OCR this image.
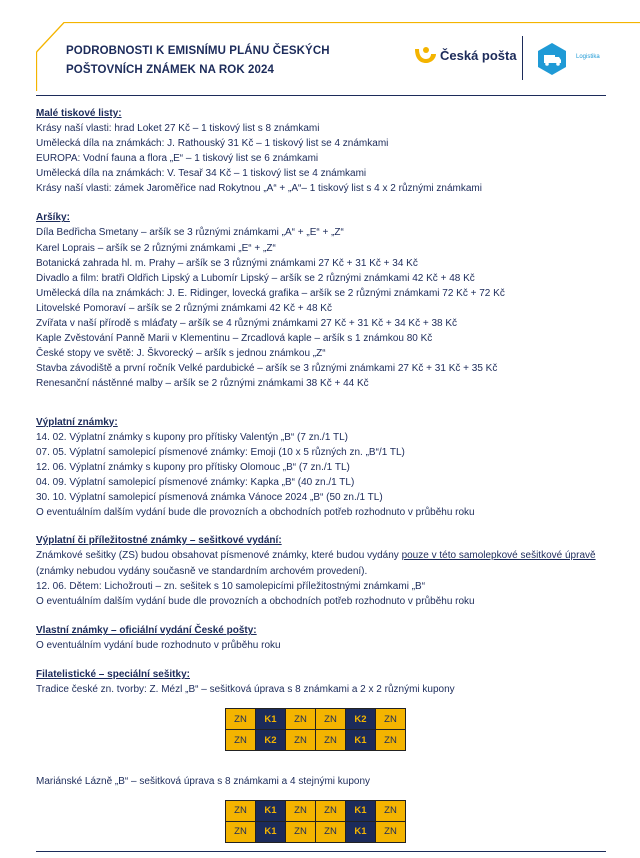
PODROBNOSTI K EMISNÍMU PLÁNU ČESKÝCH
POŠTOVNÍCH ZNÁMEK NA ROK 2024
Česká pošta	Logistika
Malé tiskové listy:
Krásy naší vlasti: hrad Loket 27 Kč – 1 tiskový list s 8 známkami
Umělecká díla na známkách: J. Rathouský 31 Kč – 1 tiskový list se 4 známkami
EUROPA: Vodní fauna a flora „E“ – 1 tiskový list se 6 známkami
Umělecká díla na známkách: V. Tesař 34 Kč – 1 tiskový list se 4 známkami
Krásy naší vlasti: zámek Jaroměřice nad Rokytnou „A“ + „A“– 1 tiskový list s 4 x 2 různými známkami
Aršíky:
Díla Bedřicha Smetany – aršík se 3 různými známkami „A“ + „E“ + „Z“
Karel Loprais – aršík se 2 různými známkami „E“ + „Z“
Botanická zahrada hl. m. Prahy – aršík se 3 různými známkami 27 Kč + 31 Kč + 34 Kč
Divadlo a film: bratři Oldřich Lipský a Lubomír Lipský – aršík se 2 různými známkami 42 Kč + 48 Kč
Umělecká díla na známkách: J. E. Ridinger, lovecká grafika – aršík se 2 různými známkami 72 Kč + 72 Kč
Litovelské Pomoraví – aršík se 2 různými známkami 42 Kč + 48 Kč
Zvířata v naší přírodě s mláďaty – aršík se 4 různými známkami 27 Kč + 31 Kč + 34 Kč + 38 Kč
Kaple Zvěstování Panně Marii v Klementinu – Zrcadlová kaple – aršík s 1 známkou 80 Kč
České stopy ve světě: J. Škvorecký – aršík s jednou známkou „Z“
Stavba závodiště a první ročník Velké pardubické – aršík se 3 různými známkami 27 Kč + 31 Kč + 35 Kč
Renesanční nástěnné malby – aršík se 2 různými známkami 38 Kč + 44 Kč
Výplatní známky:
14. 02. Výplatní známky s kupony pro přítisky Valentýn „B“ (7 zn./1 TL)
07. 05. Výplatní samolepicí písmenové známky: Emoji (10 x 5 různých zn. „B“/1 TL)
12. 06. Výplatní známky s kupony pro přítisky Olomouc „B“ (7 zn./1 TL)
04. 09. Výplatní samolepicí písmenové známky: Kapka „B“ (40 zn./1 TL)
30. 10. Výplatní samolepicí písmenová známka Vánoce 2024 „B“ (50 zn./1 TL)
O eventuálním dalším vydání bude dle provozních a obchodních potřeb rozhodnuto v průběhu roku
Výplatní či příležitostné známky – sešitkové vydání:
Známkové sešitky (ZS) budou obsahovat písmenové známky, které budou vydány pouze v této samolepkové sešitkové úpravě (známky nebudou vydány současně ve standardním archovém provedení).
12. 06. Dětem: Lichožrouti – zn. sešitek s 10 samolepicími příležitostnými známkami „B“
O eventuálním dalším vydání bude dle provozních a obchodních potřeb rozhodnuto v průběhu roku
Vlastní známky – oficiální vydání České pošty:
O eventuálním vydání bude rozhodnuto v průběhu roku
Filatelistické – speciální sešitky:
Tradice české zn. tvorby: Z. Mézl „B“ – sešitková úprava s 8 známkami a 2 x 2 různými kupony
ZN	K1	ZN	ZN	K2	ZN
ZN	K2	ZN	ZN	K1	ZN
Mariánské Lázně „B“ – sešitková úprava s 8 známkami a 4 stejnými kupony
ZN	K1	ZN	ZN	K1	ZN
ZN	K1	ZN	ZN	K1	ZN
